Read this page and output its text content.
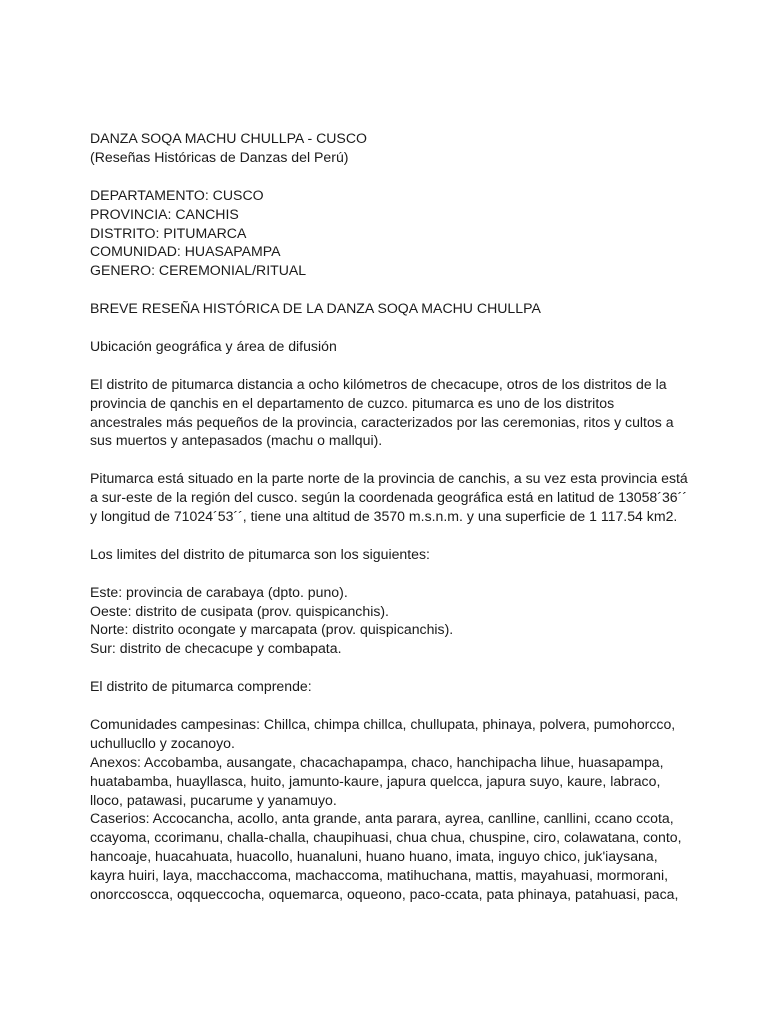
DANZA SOQA MACHU CHULLPA - CUSCO
(Reseñas Históricas de Danzas del Perú)
DEPARTAMENTO: CUSCO
PROVINCIA: CANCHIS
DISTRITO: PITUMARCA
COMUNIDAD: HUASAPAMPA
GENERO: CEREMONIAL/RITUAL
BREVE RESEÑA HISTÓRICA DE LA DANZA SOQA MACHU CHULLPA
Ubicación geográfica y área de difusión
El distrito de pitumarca distancia a ocho kilómetros de checacupe, otros de los distritos de la
provincia de qanchis en el departamento de cuzco. pitumarca es uno de los distritos
ancestrales más pequeños de la provincia, caracterizados por las ceremonias, ritos y cultos a
sus muertos y antepasados (machu o mallqui).
Pitumarca está situado en la parte norte de la provincia de canchis, a su vez esta provincia está
a sur-este de la región del cusco. según la coordenada geográfica está en latitud de 13058´36´´
y longitud de 71024´53´´, tiene una altitud de 3570 m.s.n.m. y una superficie de 1 117.54 km2.
Los limites del distrito de pitumarca son los siguientes:
Este: provincia de carabaya (dpto. puno).
Oeste: distrito de cusipata (prov. quispicanchis).
Norte: distrito ocongate y marcapata (prov. quispicanchis).
Sur: distrito de checacupe y combapata.
El distrito de pitumarca comprende:
Comunidades campesinas: Chillca, chimpa chillca, chullupata, phinaya, polvera, pumohorcco,
uchullucllo y zocanoyo.
Anexos: Accobamba, ausangate, chacachapampa, chaco, hanchipacha lihue, huasapampa,
huatabamba, huayllasca, huito, jamunto-kaure, japura quelcca, japura suyo, kaure, labraco,
lloco, patawasi, pucarume y yanamuyo.
Caserios: Accocancha, acollo, anta grande, anta parara, ayrea, canlline, canllini, ccano ccota,
ccayoma, ccorimanu, challa-challa, chaupihuasi, chua chua, chuspine, ciro, colawatana, conto,
hancoaje, huacahuata, huacollo, huanaluni, huano huano, imata, inguyo chico, juk'iaysana,
kayra huiri, laya, macchaccoma, machaccoma, matihuchana, mattis, mayahuasi, mormorani,
onorccoscca, oqqueccocha, oquemarca, oqueono, paco-ccata, pata phinaya, patahuasi, paca,
